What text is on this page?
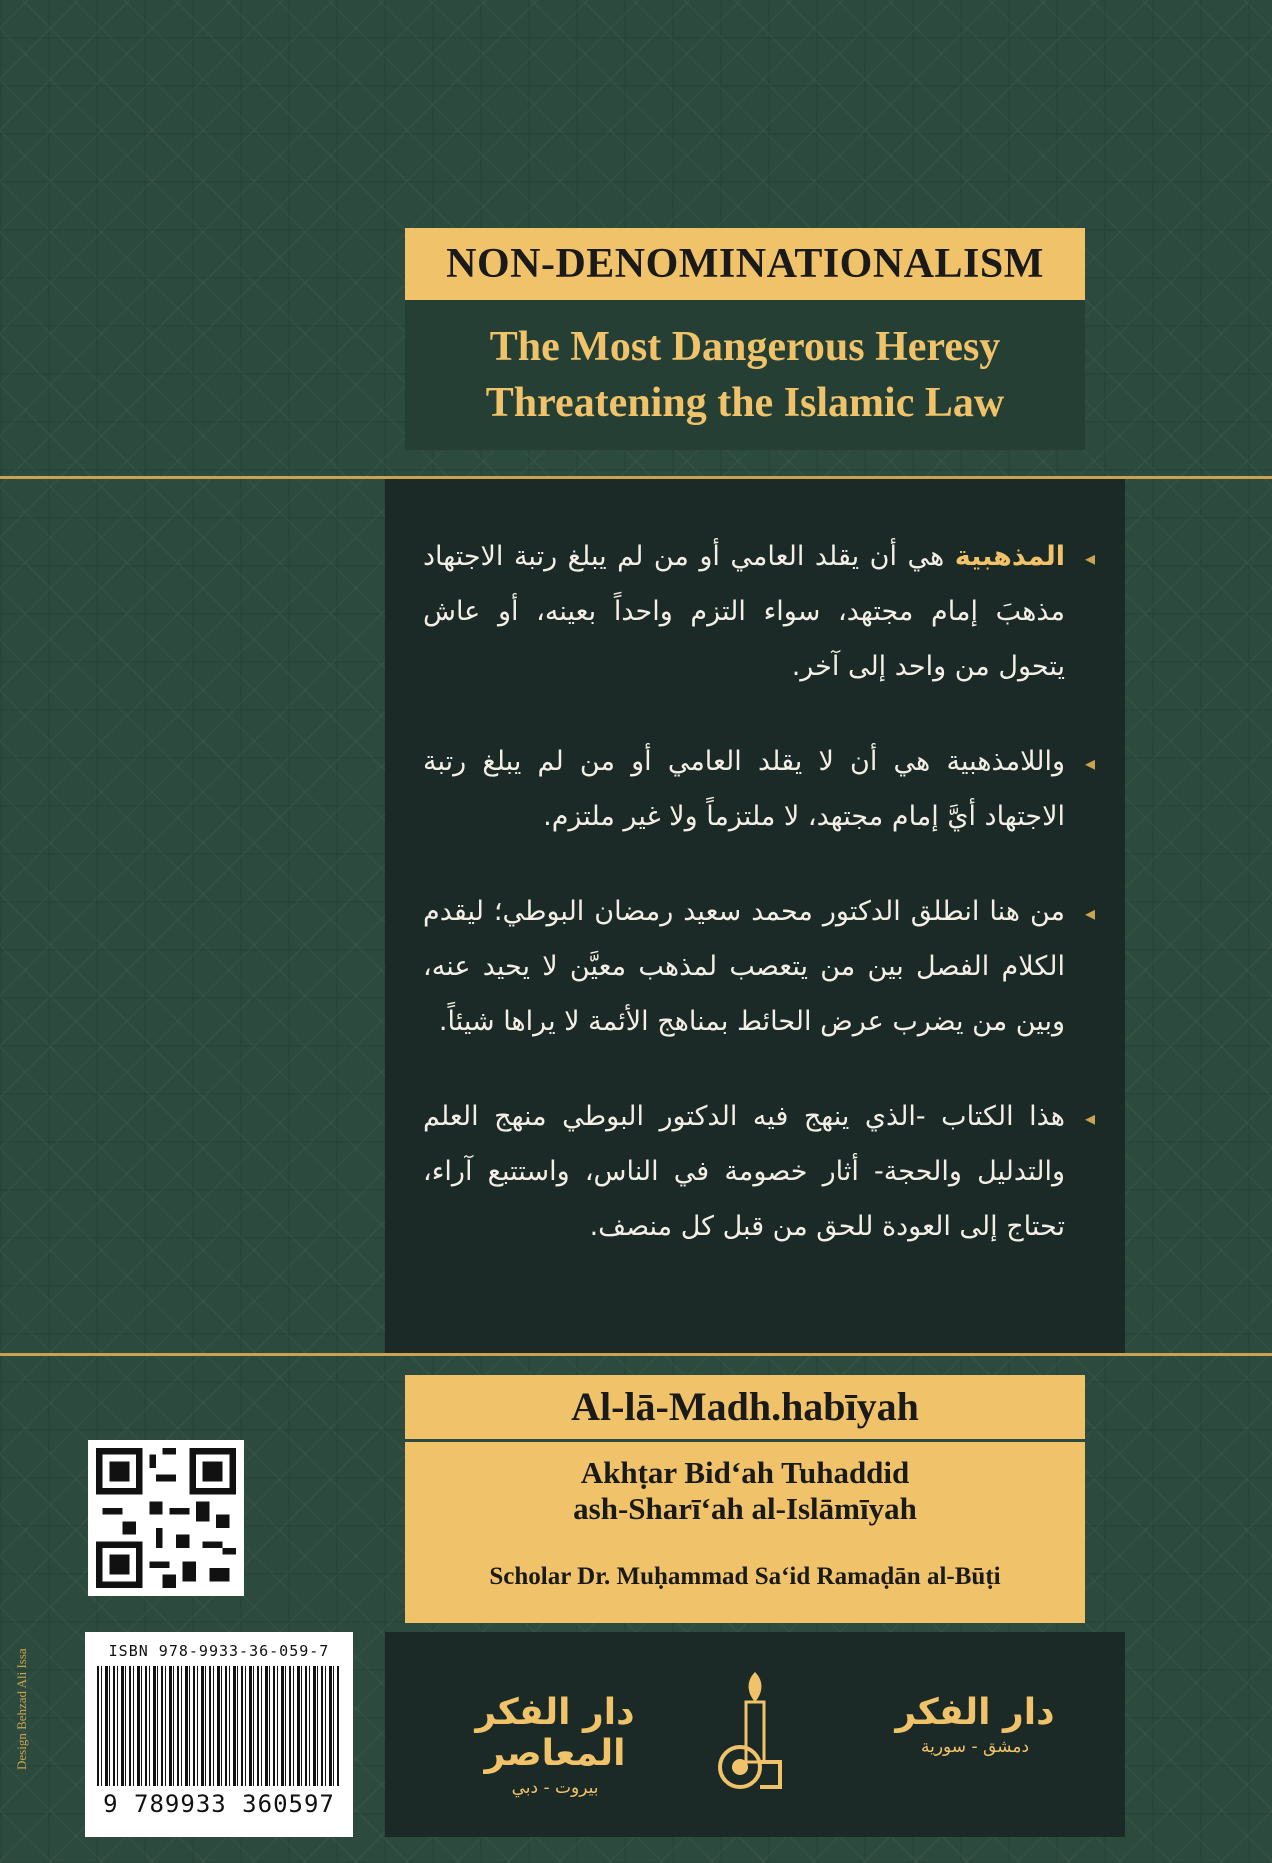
NON-DENOMINATIONALISM
The Most Dangerous Heresy
Threatening the Islamic Law
◂
المذهبية هي أن يقلد العامي أو من لم يبلغ رتبة الاجتهاد مذهبَ إمام مجتهد، سواء التزم واحداً بعينه، أو عاش يتحول من واحد إلى آخر.
◂
واللامذهبية هي أن لا يقلد العامي أو من لم يبلغ رتبة الاجتهاد أيَّ إمام مجتهد، لا ملتزماً ولا غير ملتزم.
◂
من هنا انطلق الدكتور محمد سعيد رمضان البوطي؛ ليقدم الكلام الفصل بين من يتعصب لمذهب معيَّن لا يحيد عنه، وبين من يضرب عرض الحائط بمناهج الأئمة لا يراها شيئاً.
◂
هذا الكتاب -الذي ينهج فيه الدكتور البوطي منهج العلم والتدليل والحجة- أثار خصومة في الناس، واستتبع آراء، تحتاج إلى العودة للحق من قبل كل منصف.
Al-lā-Madh.habīyah
Akhṭar Bid‘ah Tuhaddid
ash-Sharī‘ah al-Islāmīyah
Scholar Dr. Muḥammad Sa‘id Ramaḍān al-Būṭi
ISBN 978-9933-36-059-7
9 789933 360597
Design Behzad Ali Issa	دار الفكر المعاصر
بيروت - دبي
دار الفكر
دمشق - سورية
